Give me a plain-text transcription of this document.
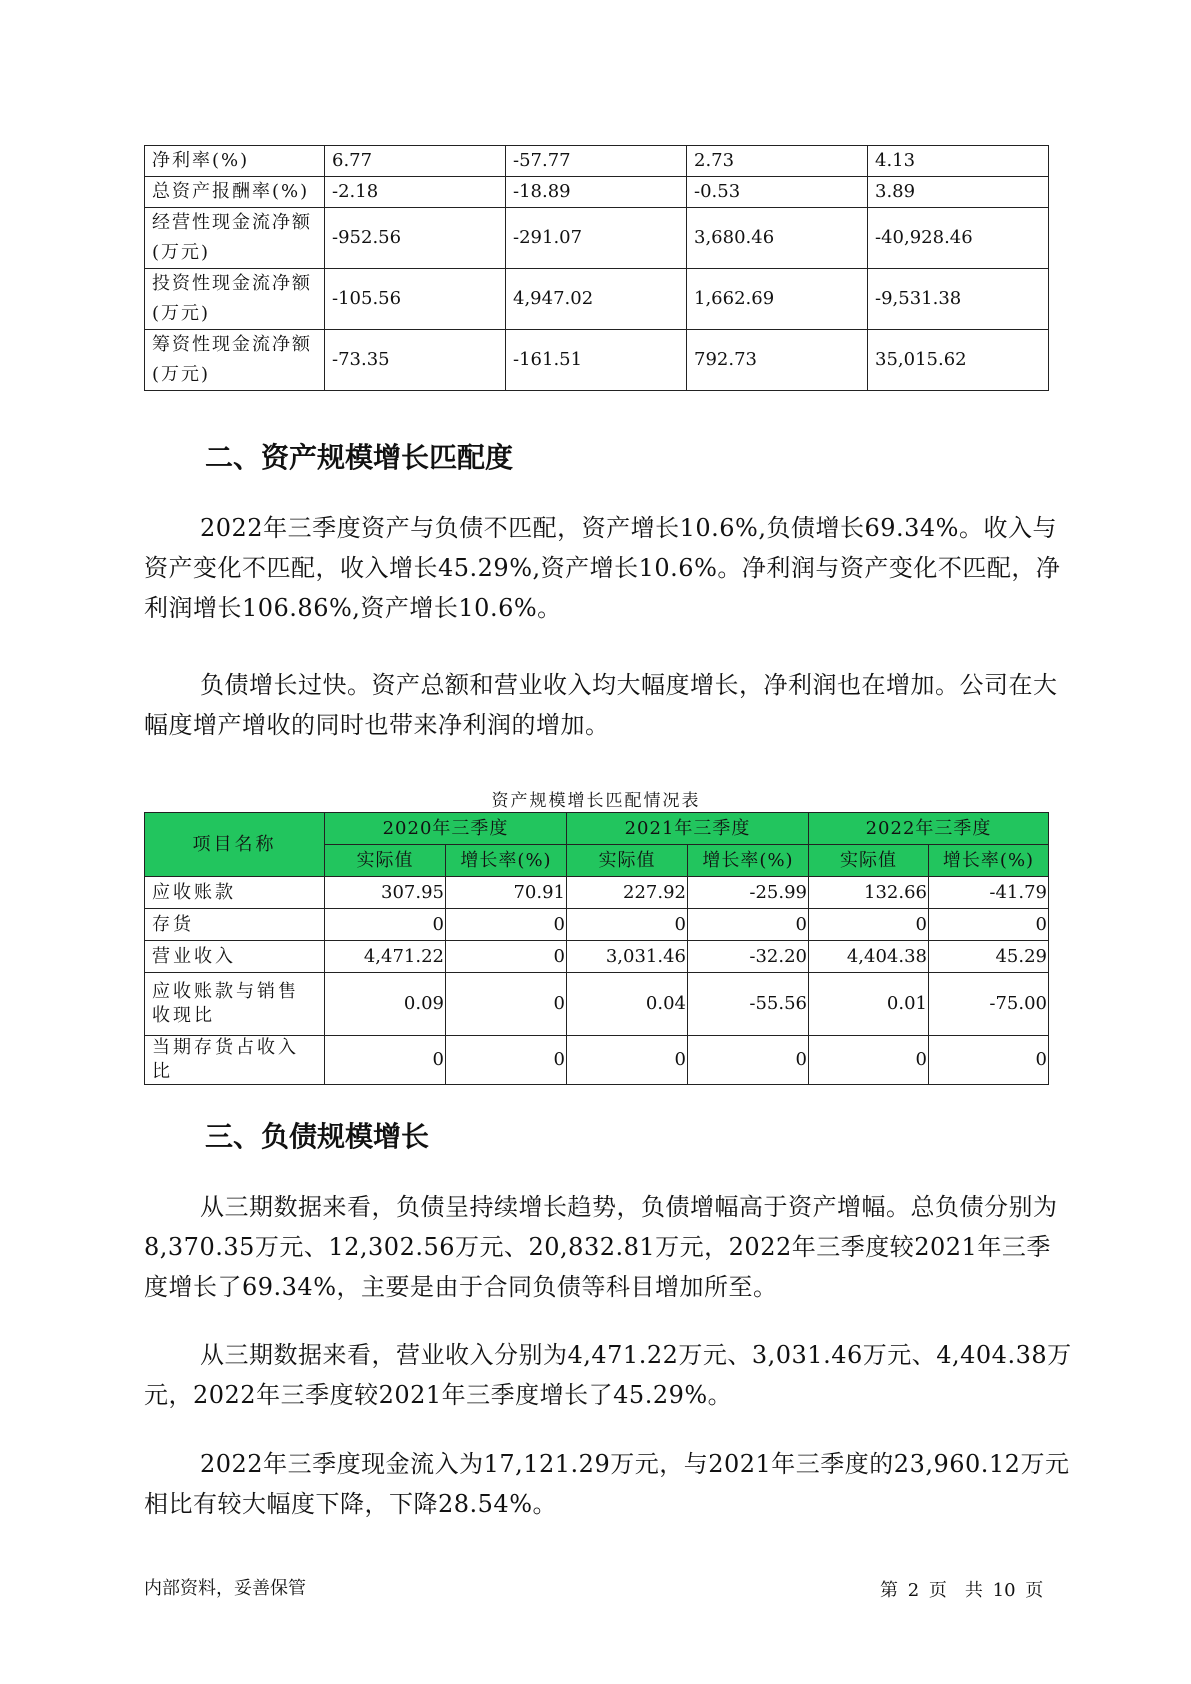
净利率(%)	6.77	-57.77	2.73	4.13
总资产报酬率(%)	-2.18	-18.89	-0.53	3.89
经营性现金流净额(万元)	-952.56	-291.07	3,680.46	-40,928.46
投资性现金流净额(万元)	-105.56	4,947.02	1,662.69	-9,531.38
筹资性现金流净额(万元)	-73.35	-161.51	792.73	35,015.62
二、资产规模增长匹配度

2022年三季度资产与负债不匹配，资产增长10.6%,负债增长69.34%。收入与资产变化不匹配，收入增长45.29%,资产增长10.6%。净利润与资产变化不匹配，净利润增长106.86%,资产增长10.6%。

负债增长过快。资产总额和营业收入均大幅度增长，净利润也在增加。公司在大幅度增产增收的同时也带来净利润的增加。

资产规模增长匹配情况表

项目名称	2020年三季度		2021年三季度		2022年三季度	
	实际值	增长率(%)	实际值	增长率(%)	实际值	增长率(%)
应收账款	307.95	70.91	227.92	-25.99	132.66	-41.79
存货	0	0	0	0	0	0
营业收入	4,471.22	0	3,031.46	-32.20	4,404.38	45.29
应收账款与销售收现比	0.09	0	0.04	-55.56	0.01	-75.00
当期存货占收入比	0	0	0	0	0	0
三、负债规模增长

从三期数据来看，负债呈持续增长趋势，负债增幅高于资产增幅。总负债分别为8,370.35万元、12,302.56万元、20,832.81万元，2022年三季度较2021年三季度增长了69.34%，主要是由于合同负债等科目增加所至。

从三期数据来看，营业收入分别为4,471.22万元、3,031.46万元、4,404.38万元，2022年三季度较2021年三季度增长了45.29%。

2022年三季度现金流入为17,121.29万元，与2021年三季度的23,960.12万元相比有较大幅度下降，下降28.54%。

内部资料，妥善保管	第 2 页　共 10 页
